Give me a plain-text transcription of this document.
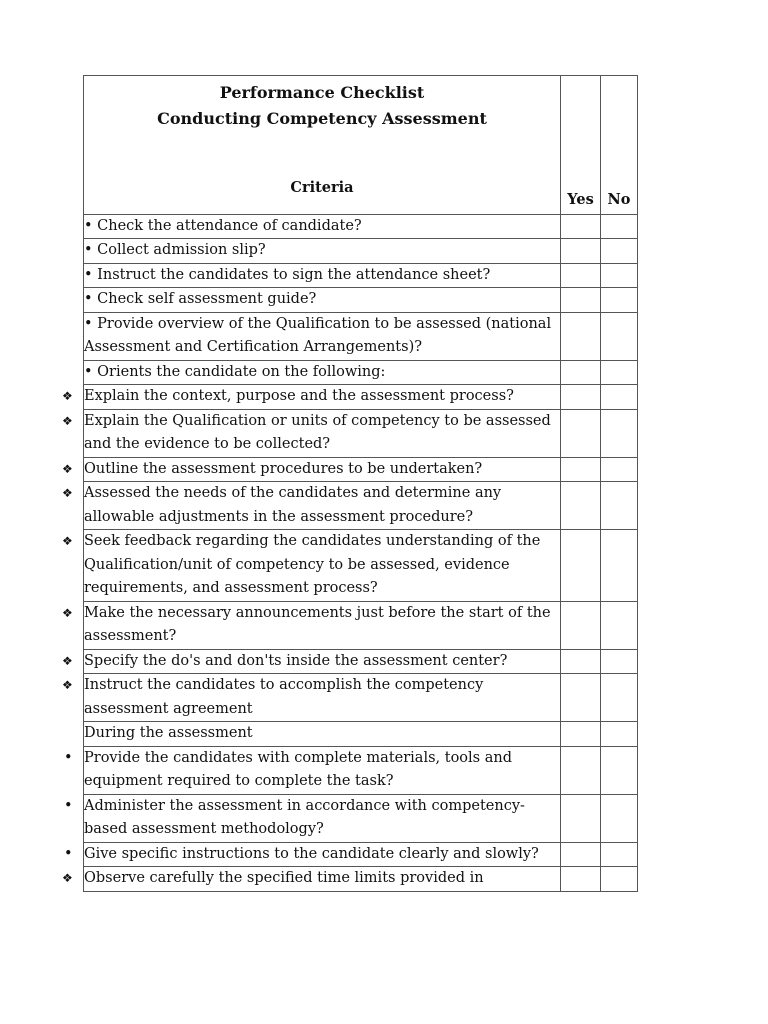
Performance Checklist
Conducting Competency Assessment
Criteria	Yes	No
• Check the attendance of candidate?		
• Collect admission slip?		
• Instruct the candidates to sign the attendance sheet?		
• Check self assessment guide?		
• Provide overview of the Qualification to be assessed (national Assessment and Certification Arrangements)?		
• Orients the candidate on the following:		
❖ Explain the context, purpose and the assessment process?		
❖ Explain the Qualification or units of competency to be assessed and the evidence to be collected?		
❖ Outline the assessment procedures to be undertaken?		
❖ Assessed the needs of the candidates and determine any allowable adjustments in the assessment procedure?		
❖ Seek feedback regarding the candidates understanding of the Qualification/unit of competency to be assessed, evidence requirements, and assessment process?		
❖ Make the necessary announcements just before the start of the assessment?		
❖ Specify the do's and don'ts inside the assessment center?		
❖ Instruct the candidates to accomplish the competency assessment agreement		
During the assessment		
• Provide the candidates with complete materials, tools and equipment required to complete the task?		
• Administer the assessment in accordance with competency-based assessment methodology?		
• Give specific instructions to the candidate clearly and slowly?		
❖ Observe carefully the specified time limits provided in		
